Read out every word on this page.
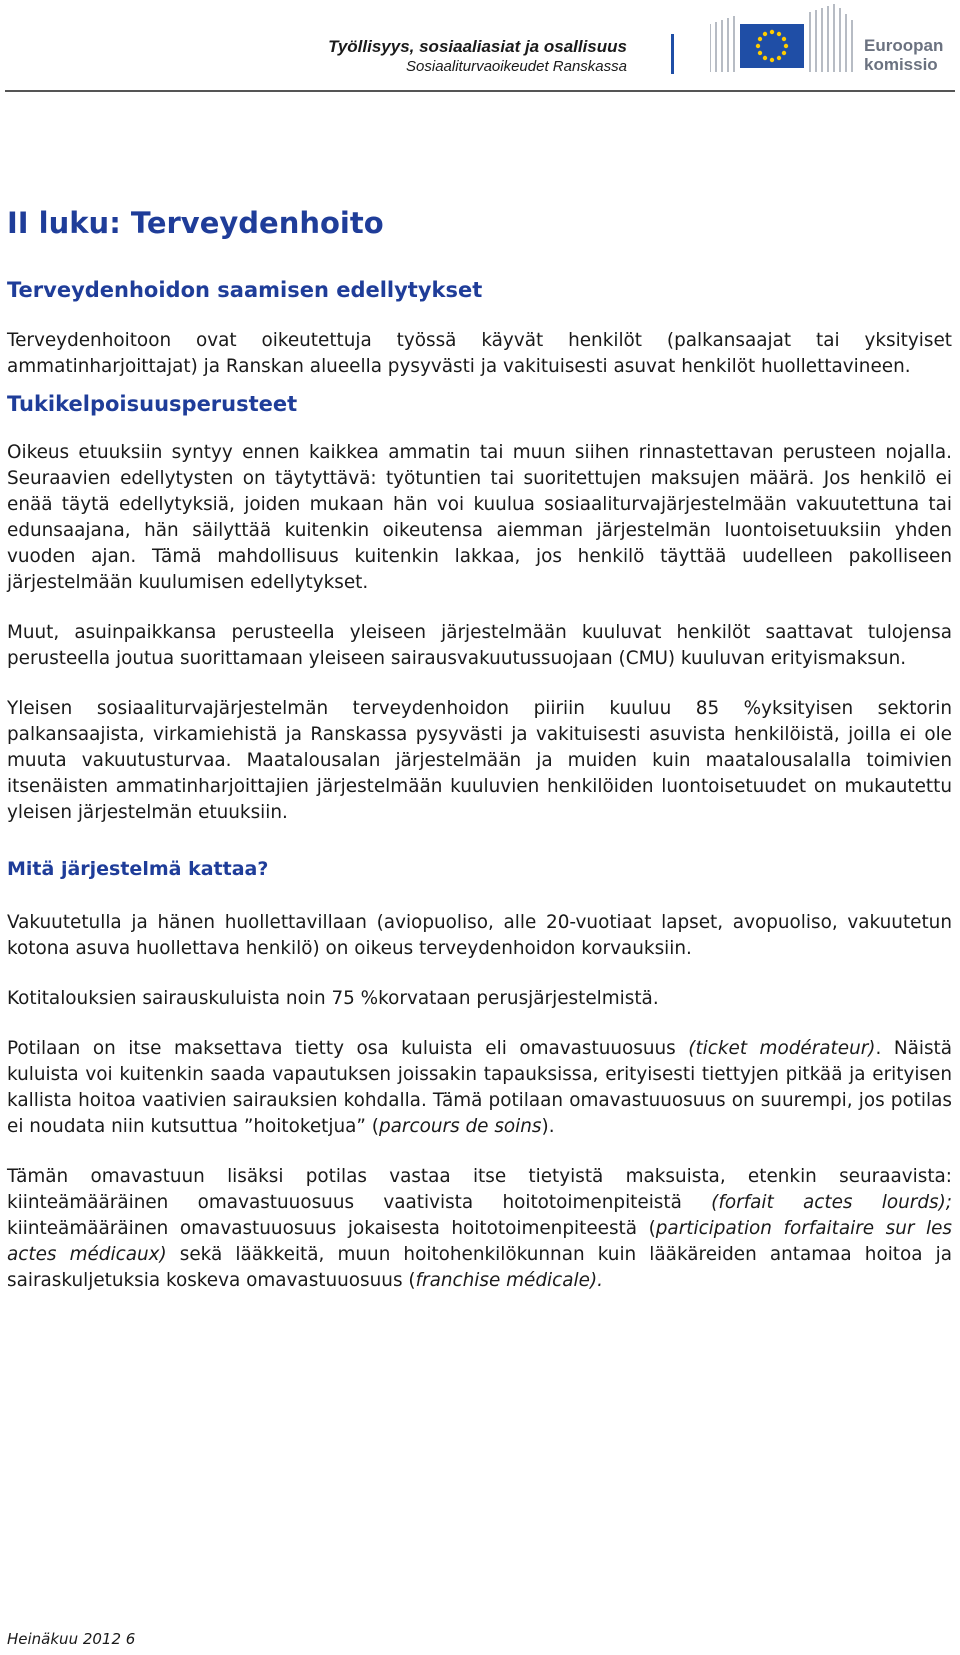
Työllisyys, sosiaaliasiat ja osallisuus
Sosiaaliturvaoikeudet Ranskassa
Euroopan
komissio
II luku: Terveydenhoito
Terveydenhoidon saamisen edellytykset

Terveydenhoitoon ovat oikeutettuja työssä käyvät henkilöt (palkansaajat tai yksityiset ammatinharjoittajat) ja Ranskan alueella pysyvästi ja vakituisesti asuvat henkilöt huollettavineen.

Tukikelpoisuusperusteet

Oikeus etuuksiin syntyy ennen kaikkea ammatin tai muun siihen rinnastettavan perusteen nojalla. Seuraavien edellytysten on täytyttävä: työtuntien tai suoritettujen maksujen määrä. Jos henkilö ei enää täytä edellytyksiä, joiden mukaan hän voi kuulua sosiaaliturvajärjestelmään vakuutettuna tai edunsaajana, hän säilyttää kuitenkin oikeutensa aiemman järjestelmän luontoisetuuksiin yhden vuoden ajan. Tämä mahdollisuus kuitenkin lakkaa, jos henkilö täyttää uudelleen pakolliseen järjestelmään kuulumisen edellytykset.

Muut, asuinpaikkansa perusteella yleiseen järjestelmään kuuluvat henkilöt saattavat tulojensa perusteella joutua suorittamaan yleiseen sairausvakuutussuojaan (CMU) kuuluvan erityismaksun.

Yleisen sosiaaliturvajärjestelmän terveydenhoidon piiriin kuuluu 85 %yksityisen sektorin palkansaajista, virkamiehistä ja Ranskassa pysyvästi ja vakituisesti asuvista henkilöistä, joilla ei ole muuta vakuutusturvaa. Maatalousalan järjestelmään ja muiden kuin maatalousalalla toimivien itsenäisten ammatinharjoittajien järjestelmään kuuluvien henkilöiden luontoisetuudet on mukautettu yleisen järjestelmän etuuksiin.

Mitä järjestelmä kattaa?

Vakuutetulla ja hänen huollettavillaan (aviopuoliso, alle 20-vuotiaat lapset, avopuoliso, vakuutetun kotona asuva huollettava henkilö) on oikeus terveydenhoidon korvauksiin.

Kotitalouksien sairauskuluista noin 75 %korvataan perusjärjestelmistä.

Potilaan on itse maksettava tietty osa kuluista eli omavastuuosuus (ticket modérateur). Näistä kuluista voi kuitenkin saada vapautuksen joissakin tapauksissa, erityisesti tiettyjen pitkää ja erityisen kallista hoitoa vaativien sairauksien kohdalla. Tämä potilaan omavastuuosuus on suurempi, jos potilas ei noudata niin kutsuttua ”hoitoketjua” (parcours de soins).

Tämän omavastuun lisäksi potilas vastaa itse tietyistä maksuista, etenkin seuraavista: kiinteämääräinen omavastuuosuus vaativista hoitotoimenpiteistä (forfait actes lourds); kiinteämääräinen omavastuuosuus jokaisesta hoitotoimenpiteestä (participation forfaitaire sur les actes médicaux) sekä lääkkeitä, muun hoitohenkilökunnan kuin lääkäreiden antamaa hoitoa ja sairaskuljetuksia koskeva omavastuuosuus (franchise médicale).

Heinäkuu 2012 6
